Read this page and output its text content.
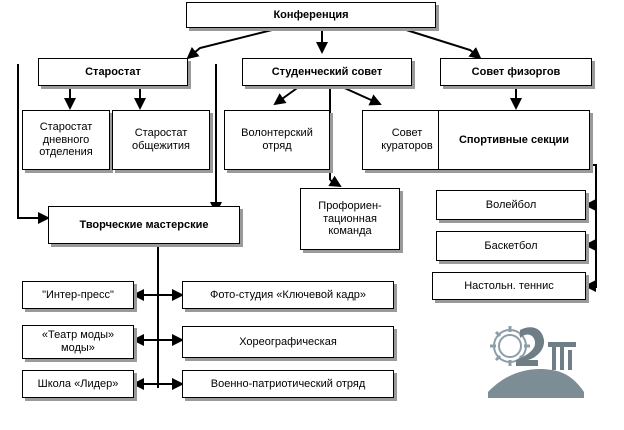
Конференция
Старостат	Студенческий совет	Совет физоргов
Старостат дневного отделения
Старостат общежития
Волонтерский отряд
Совет кураторов
Спортивные секции
Профориен-тационная команда
Творческие мастерские
Волейбол
Баскетбол
Настольн. теннис
"Интер-пресс"	Фото-студия «Ключевой кадр»
«Театр моды» моды»
Хореографическая
Школа «Лидер»	Военно-патриотический отряд
